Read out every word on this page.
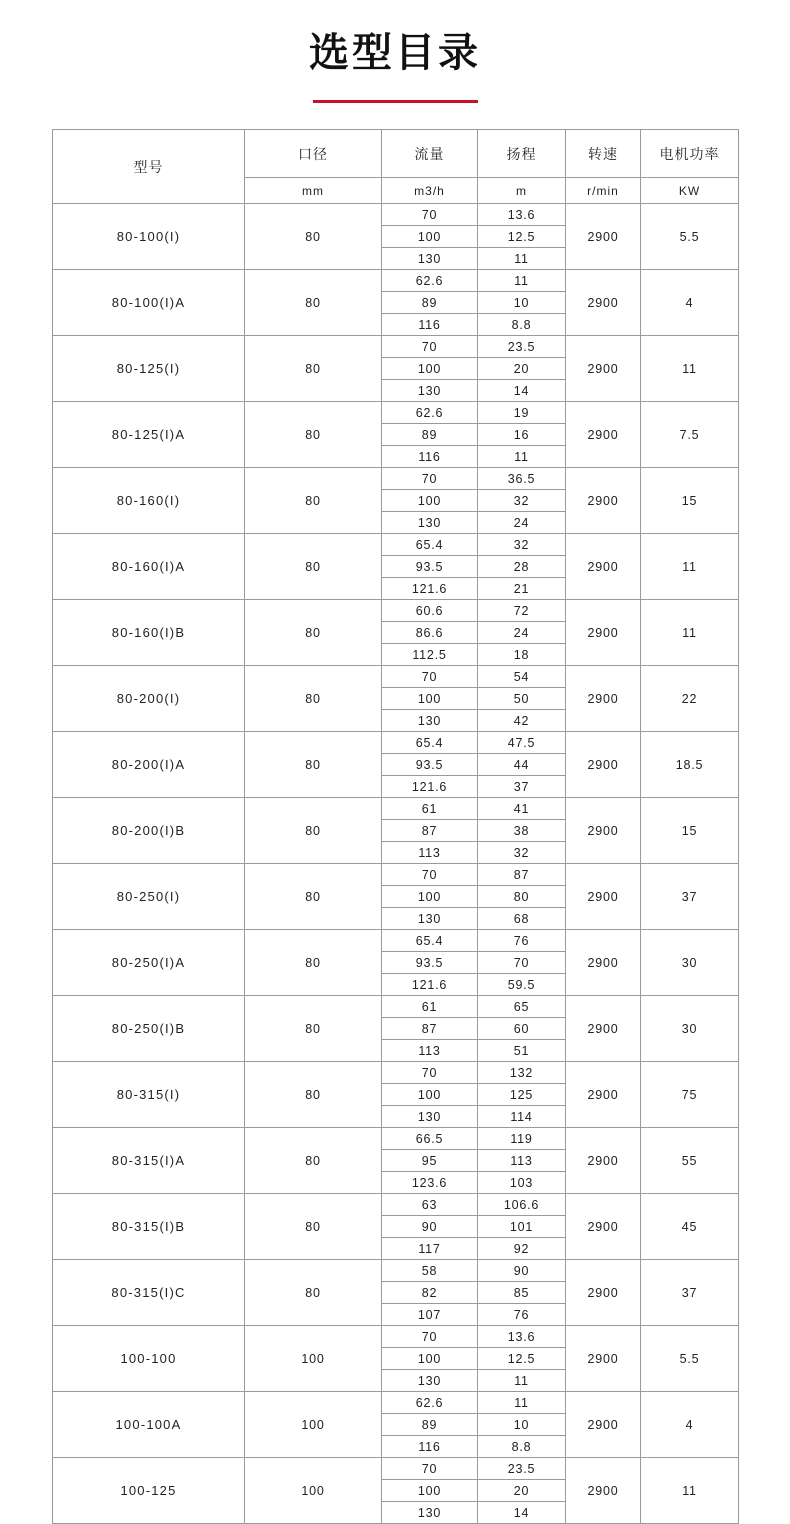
选型目录
型号	口径	流量	扬程	转速	电机功率
	mm	m3/h	m	r/min	KW
80-100(I)	80	70	13.6	2900	5.5
		100	12.5		
		130	11		
80-100(I)A	80	62.6	11	2900	4
		89	10		
		116	8.8		
80-125(I)	80	70	23.5	2900	11
		100	20		
		130	14		
80-125(I)A	80	62.6	19	2900	7.5
		89	16		
		116	11		
80-160(I)	80	70	36.5	2900	15
		100	32		
		130	24		
80-160(I)A	80	65.4	32	2900	11
		93.5	28		
		121.6	21		
80-160(I)B	80	60.6	72	2900	11
		86.6	24		
		112.5	18		
80-200(I)	80	70	54	2900	22
		100	50		
		130	42		
80-200(I)A	80	65.4	47.5	2900	18.5
		93.5	44		
		121.6	37		
80-200(I)B	80	61	41	2900	15
		87	38		
		113	32		
80-250(I)	80	70	87	2900	37
		100	80		
		130	68		
80-250(I)A	80	65.4	76	2900	30
		93.5	70		
		121.6	59.5		
80-250(I)B	80	61	65	2900	30
		87	60		
		113	51		
80-315(I)	80	70	132	2900	75
		100	125		
		130	114		
80-315(I)A	80	66.5	119	2900	55
		95	113		
		123.6	103		
80-315(I)B	80	63	106.6	2900	45
		90	101		
		117	92		
80-315(I)C	80	58	90	2900	37
		82	85		
		107	76		
100-100	100	70	13.6	2900	5.5
		100	12.5		
		130	11		
100-100A	100	62.6	11	2900	4
		89	10		
		116	8.8		
100-125	100	70	23.5	2900	11
		100	20		
		130	14		
